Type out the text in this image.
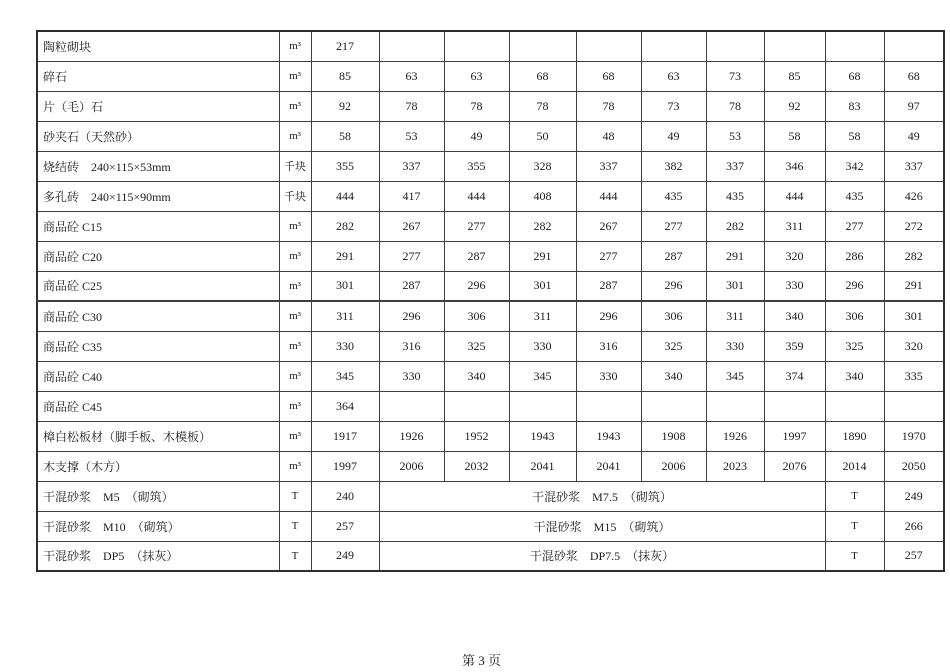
陶粒砌块	m³	217									
碎石	m³	85	63	63	68	68	63	73	85	68	68
片（毛）石	m³	92	78	78	78	78	73	78	92	83	97
砂夹石（天然砂）	m³	58	53	49	50	48	49	53	58	58	49
烧结砖　240×115×53mm	千块	355	337	355	328	337	382	337	346	342	337
多孔砖　240×115×90mm	千块	444	417	444	408	444	435	435	444	435	426
商品砼 C15	m³	282	267	277	282	267	277	282	311	277	272
商品砼 C20	m³	291	277	287	291	277	287	291	320	286	282
商品砼 C25	m³	301	287	296	301	287	296	301	330	296	291
商品砼 C30	m³	311	296	306	311	296	306	311	340	306	301
商品砼 C35	m³	330	316	325	330	316	325	330	359	325	320
商品砼 C40	m³	345	330	340	345	330	340	345	374	340	335
商品砼 C45	m³	364									
樟白松板材（脚手板、木模板）	m³	1917	1926	1952	1943	1943	1908	1926	1997	1890	1970
木支撑（木方）	m³	1997	2006	2032	2041	2041	2006	2023	2076	2014	2050
干混砂浆　M5　（砌筑）	T	240	干混砂浆　M7.5　（砌筑）							T	249
干混砂浆　M10　（砌筑）	T	257	干混砂浆　M15　（砌筑）							T	266
干混砂浆　DP5　（抹灰）	T	249	干混砂浆　DP7.5　（抹灰）							T	257

第 3 页
